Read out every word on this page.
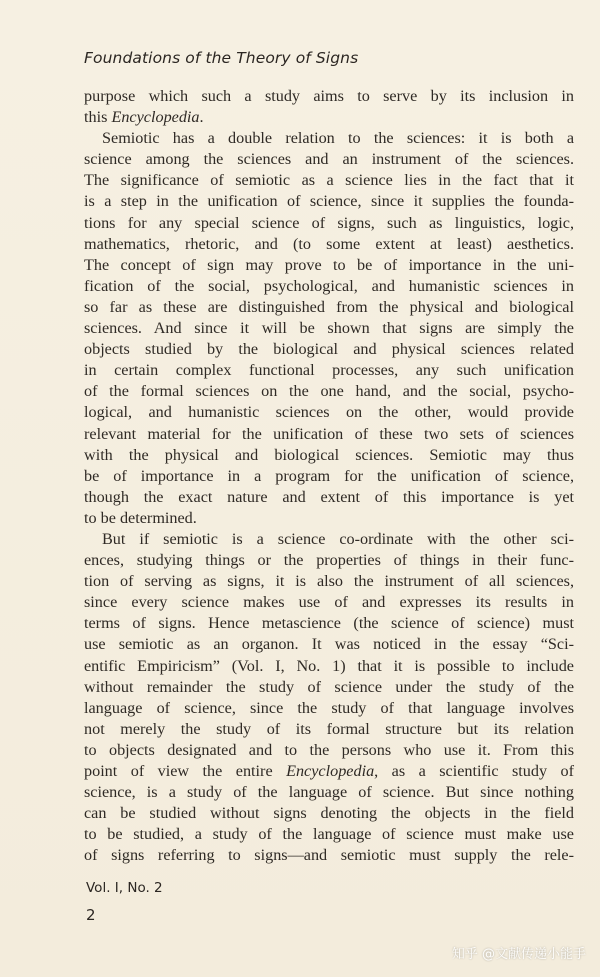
Foundations of the Theory of Signs
purpose which such a study aims to serve by its inclusion in
this Encyclopedia.
Semiotic has a double relation to the sciences: it is both a
science among the sciences and an instrument of the sciences.
The significance of semiotic as a science lies in the fact that it
is a step in the unification of science, since it supplies the founda-
tions for any special science of signs, such as linguistics, logic,
mathematics, rhetoric, and (to some extent at least) aesthetics.
The concept of sign may prove to be of importance in the uni-
fication of the social, psychological, and humanistic sciences in
so far as these are distinguished from the physical and biological
sciences. And since it will be shown that signs are simply the
objects studied by the biological and physical sciences related
in certain complex functional processes, any such unification
of the formal sciences on the one hand, and the social, psycho-
logical, and humanistic sciences on the other, would provide
relevant material for the unification of these two sets of sciences
with the physical and biological sciences. Semiotic may thus
be of importance in a program for the unification of science,
though the exact nature and extent of this importance is yet
to be determined.
But if semiotic is a science co-ordinate with the other sci-
ences, studying things or the properties of things in their func-
tion of serving as signs, it is also the instrument of all sciences,
since every science makes use of and expresses its results in
terms of signs. Hence metascience (the science of science) must
use semiotic as an organon. It was noticed in the essay “Sci-
entific Empiricism” (Vol. I, No. 1) that it is possible to include
without remainder the study of science under the study of the
language of science, since the study of that language involves
not merely the study of its formal structure but its relation
to objects designated and to the persons who use it. From this
point of view the entire Encyclopedia, as a scientific study of
science, is a study of the language of science. But since nothing
can be studied without signs denoting the objects in the field
to be studied, a study of the language of science must make use
of signs referring to signs—and semiotic must supply the rele-
Vol. I, No. 2
2
知乎 @文献传递小能手
